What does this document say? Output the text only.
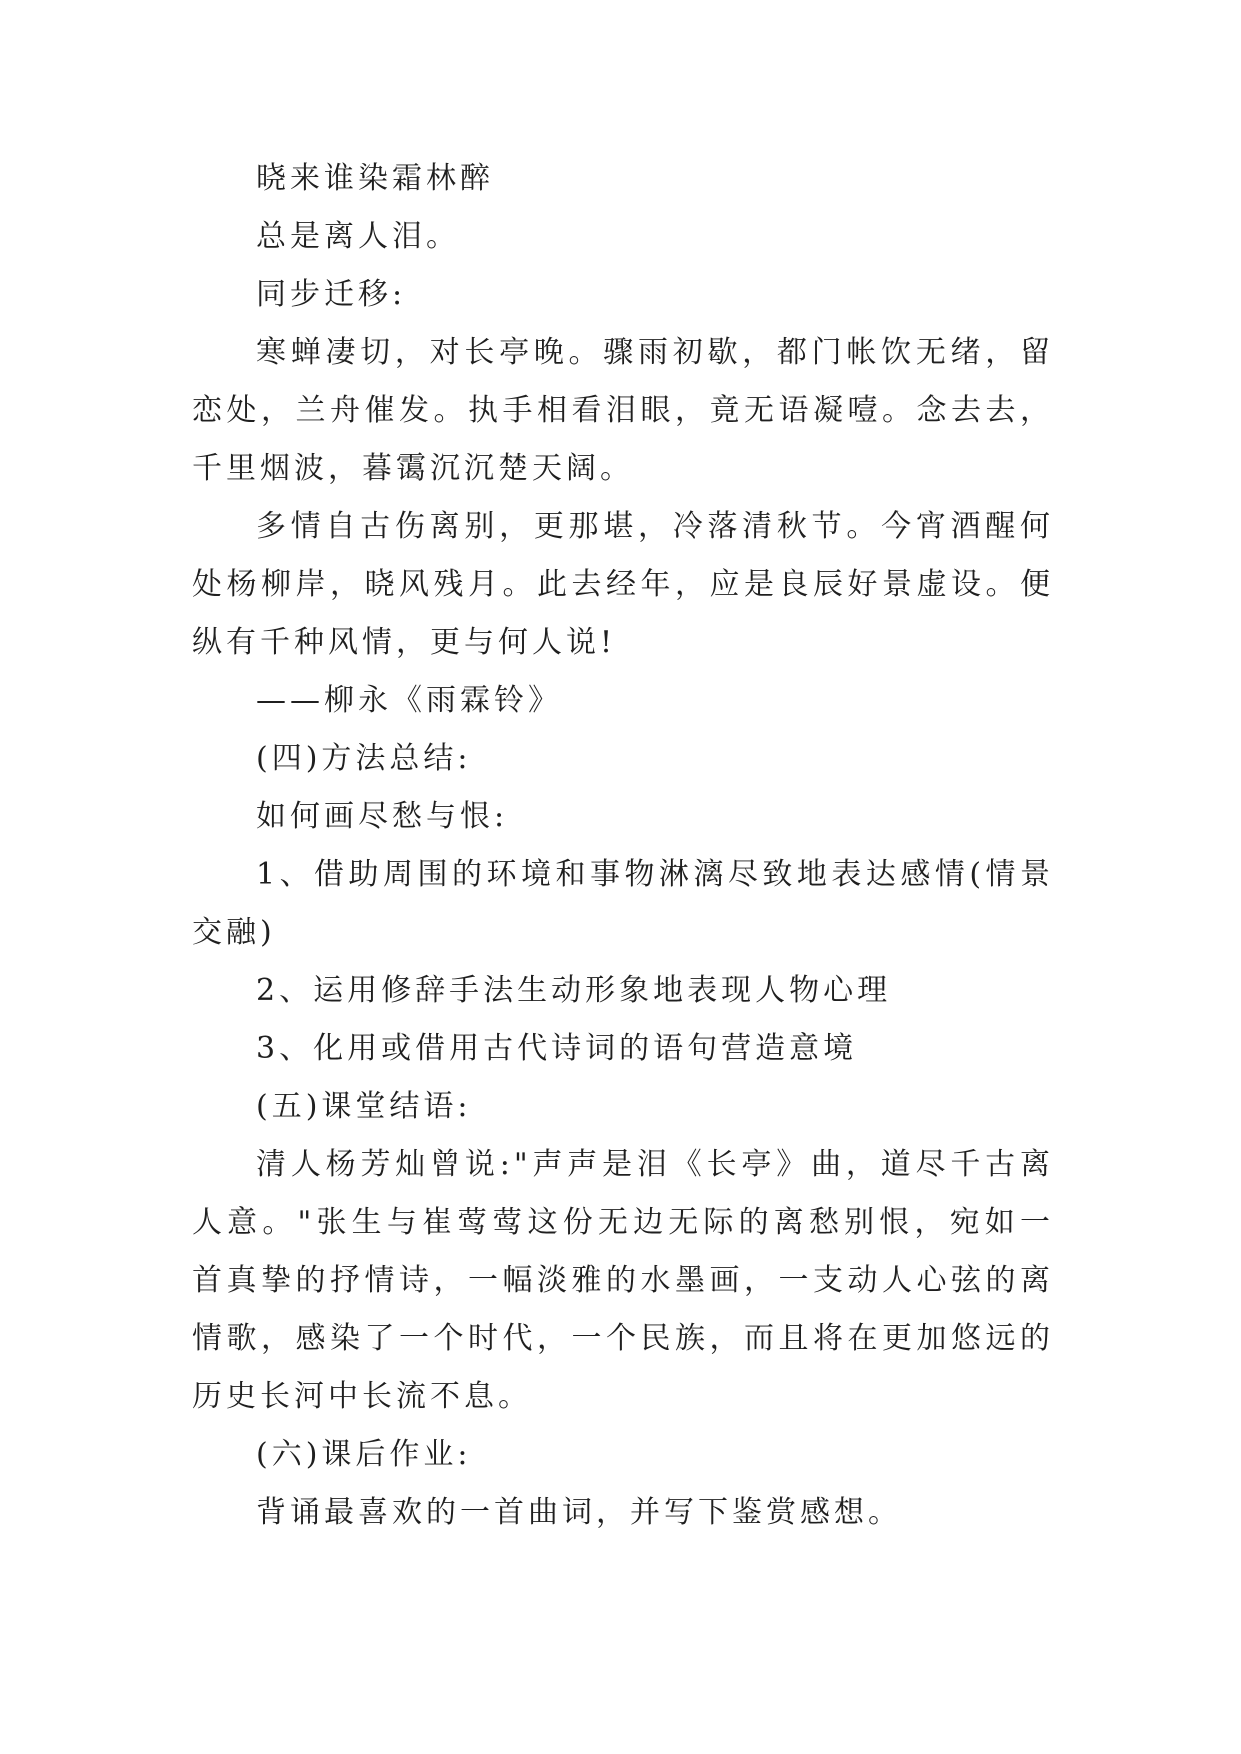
晓来谁染霜林醉

总是离人泪。

同步迁移:

寒蝉凄切，对长亭晚。骤雨初歇，都门帐饮无绪，留恋处，兰舟催发。执手相看泪眼，竟无语凝噎。念去去，千里烟波，暮霭沉沉楚天阔。

多情自古伤离别，更那堪，冷落清秋节。今宵酒醒何处杨柳岸，晓风残月。此去经年，应是良辰好景虚设。便纵有千种风情，更与何人说!

——柳永《雨霖铃》

(四)方法总结:

如何画尽愁与恨:

1、借助周围的环境和事物淋漓尽致地表达感情(情景交融)

2、运用修辞手法生动形象地表现人物心理

3、化用或借用古代诗词的语句营造意境

(五)课堂结语:

清人杨芳灿曾说:"声声是泪《长亭》曲，道尽千古离人意。"张生与崔莺莺这份无边无际的离愁别恨，宛如一首真挚的抒情诗，一幅淡雅的水墨画，一支动人心弦的离情歌，感染了一个时代，一个民族，而且将在更加悠远的历史长河中长流不息。

(六)课后作业:

背诵最喜欢的一首曲词，并写下鉴赏感想。
